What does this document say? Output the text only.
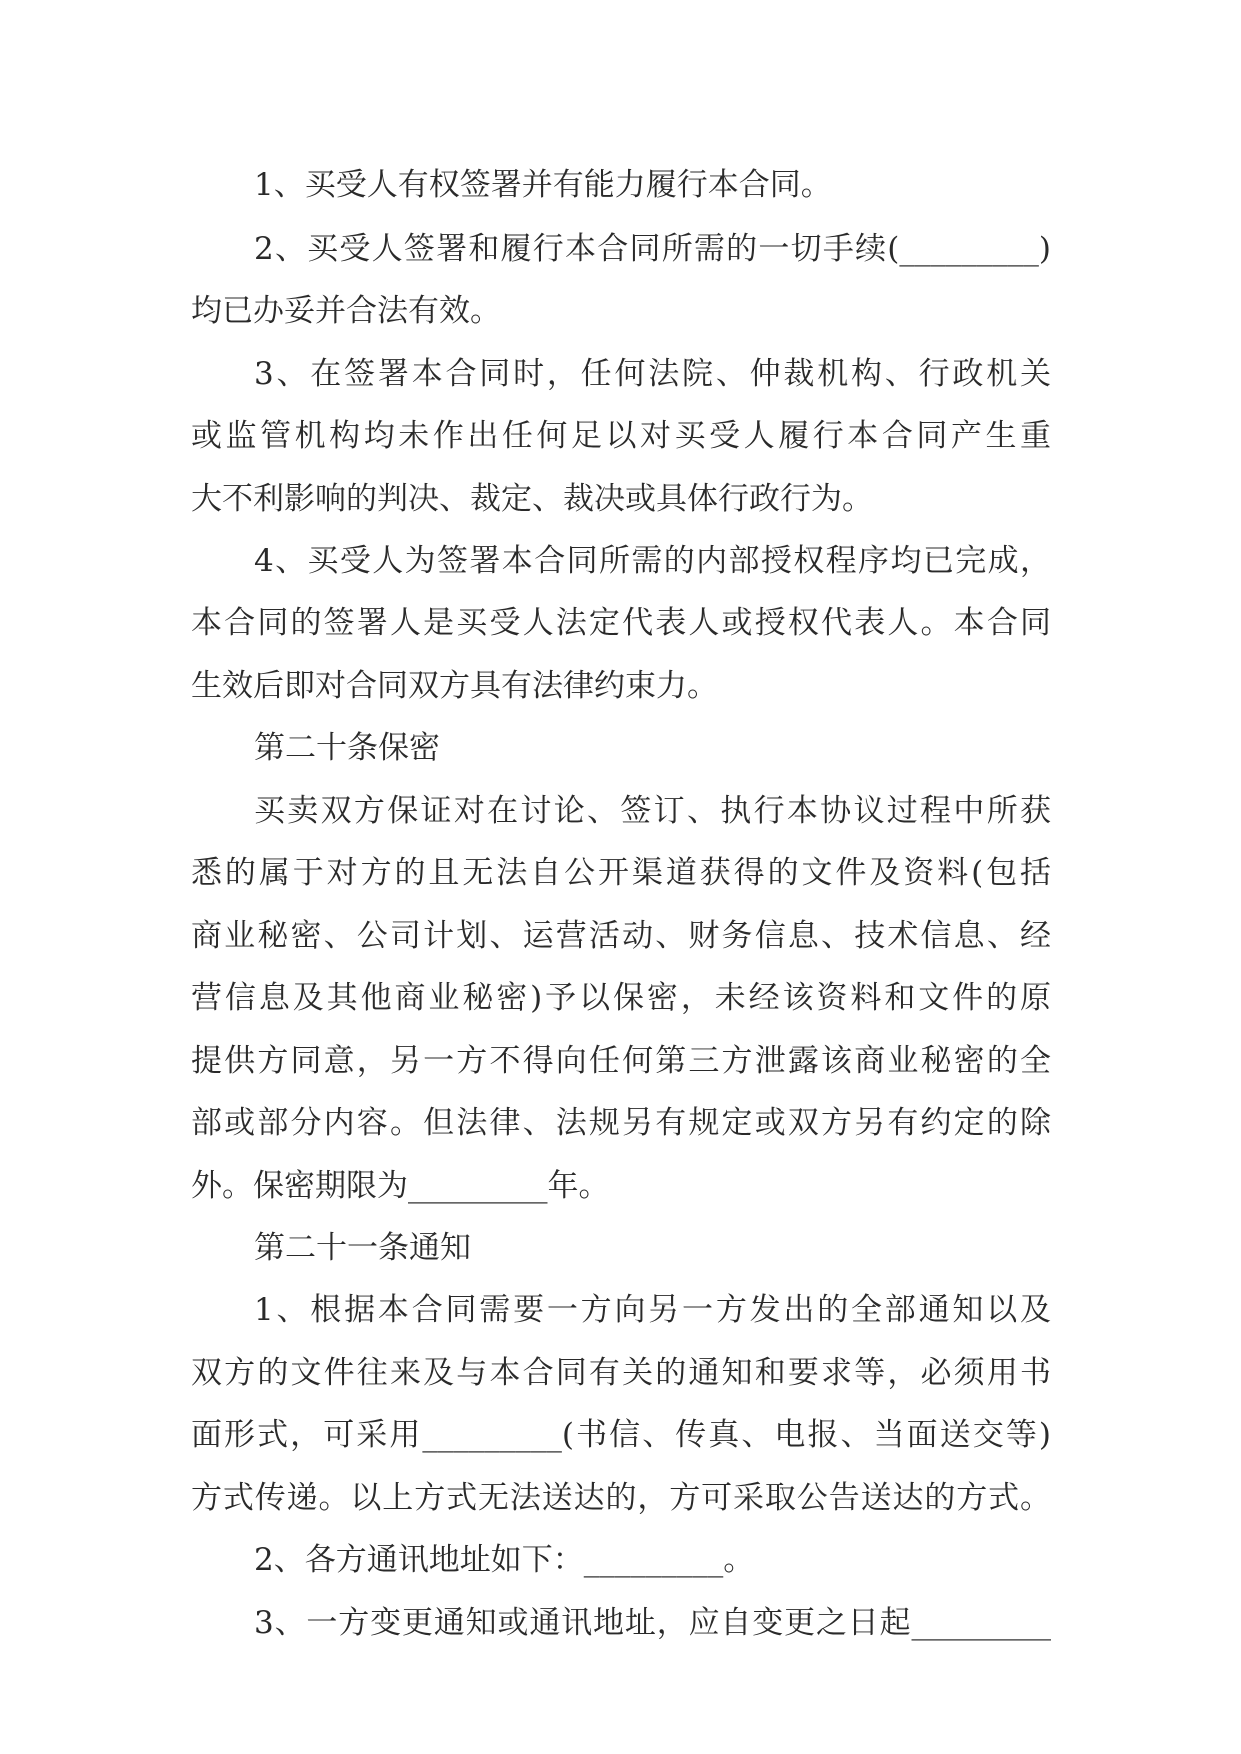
1、买受人有权签署并有能力履行本合同。
2、买受人签署和履行本合同所需的一切手续(_________)
均已办妥并合法有效。
3、在签署本合同时，任何法院、仲裁机构、行政机关
或监管机构均未作出任何足以对买受人履行本合同产生重
大不利影响的判决、裁定、裁决或具体行政行为。
4、买受人为签署本合同所需的内部授权程序均已完成，
本合同的签署人是买受人法定代表人或授权代表人。本合同
生效后即对合同双方具有法律约束力。
第二十条保密
买卖双方保证对在讨论、签订、执行本协议过程中所获
悉的属于对方的且无法自公开渠道获得的文件及资料(包括
商业秘密、公司计划、运营活动、财务信息、技术信息、经
营信息及其他商业秘密)予以保密，未经该资料和文件的原
提供方同意，另一方不得向任何第三方泄露该商业秘密的全
部或部分内容。但法律、法规另有规定或双方另有约定的除
外。保密期限为_________年。
第二十一条通知
1、根据本合同需要一方向另一方发出的全部通知以及
双方的文件往来及与本合同有关的通知和要求等，必须用书
面形式，可采用_________(书信、传真、电报、当面送交等)
方式传递。以上方式无法送达的，方可采取公告送达的方式。
2、各方通讯地址如下：_________。
3、一方变更通知或通讯地址，应自变更之日起_________
